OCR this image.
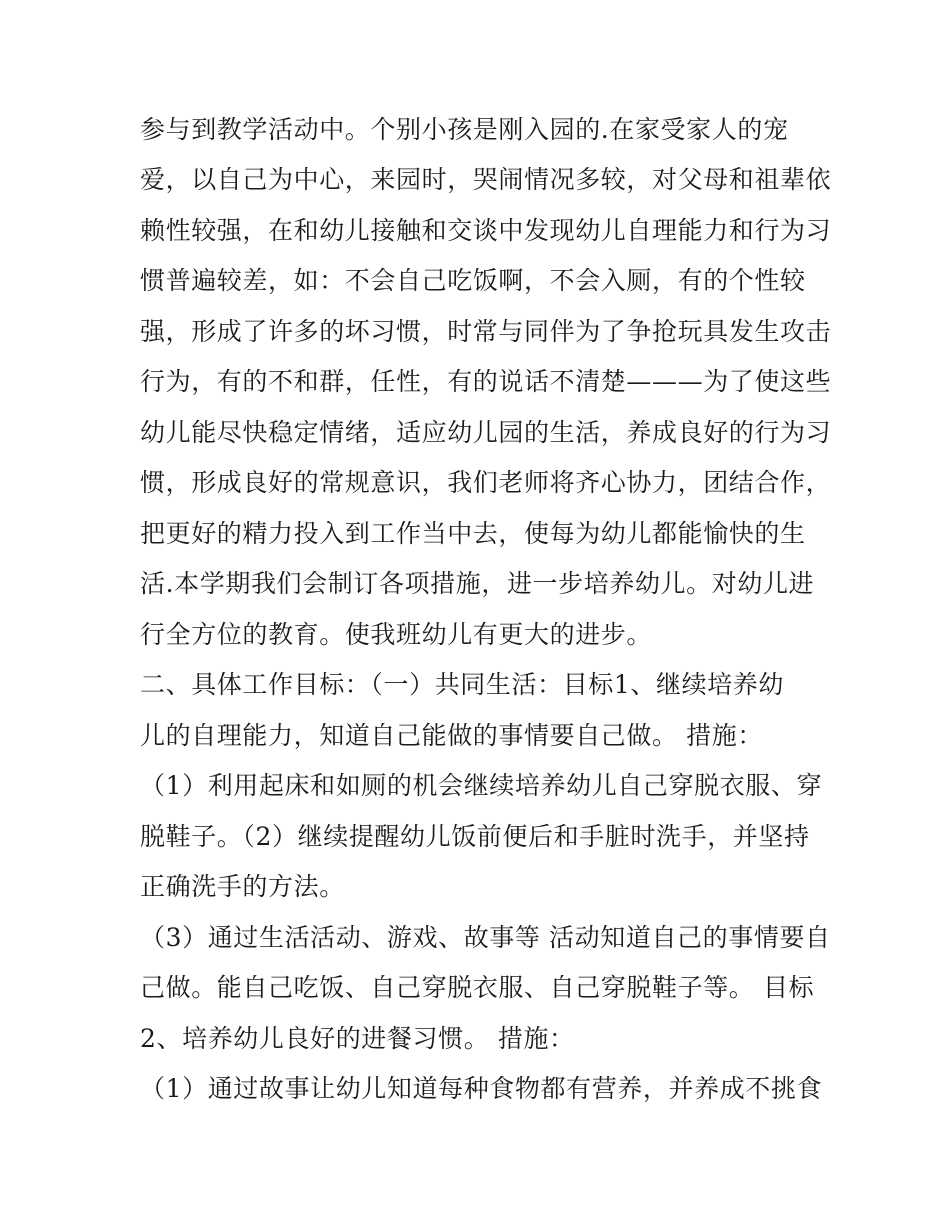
参与到教学活动中。个别小孩是刚入园的.在家受家人的宠
爱，以自己为中心，来园时，哭闹情况多较，对父母和祖辈依
赖性较强，在和幼儿接触和交谈中发现幼儿自理能力和行为习
惯普遍较差，如：不会自己吃饭啊，不会入厕，有的个性较
强，形成了许多的坏习惯，时常与同伴为了争抢玩具发生攻击
行为，有的不和群，任性，有的说话不清楚———为了使这些
幼儿能尽快稳定情绪，适应幼儿园的生活，养成良好的行为习
惯，形成良好的常规意识，我们老师将齐心协力，团结合作，
把更好的精力投入到工作当中去，使每为幼儿都能愉快的生
活.本学期我们会制订各项措施，进一步培养幼儿。对幼儿进
行全方位的教育。使我班幼儿有更大的进步。
二、具体工作目标：（一）共同生活：目标1、继续培养幼
儿的自理能力，知道自己能做的事情要自己做。 措施：
（1）利用起床和如厕的机会继续培养幼儿自己穿脱衣服、穿
脱鞋子。（2）继续提醒幼儿饭前便后和手脏时洗手，并坚持
正确洗手的方法。
（3）通过生活活动、游戏、故事等 活动知道自己的事情要自
己做。能自己吃饭、自己穿脱衣服、自己穿脱鞋子等。 目标
2、培养幼儿良好的进餐习惯。 措施：
（1）通过故事让幼儿知道每种食物都有营养，并养成不挑食
